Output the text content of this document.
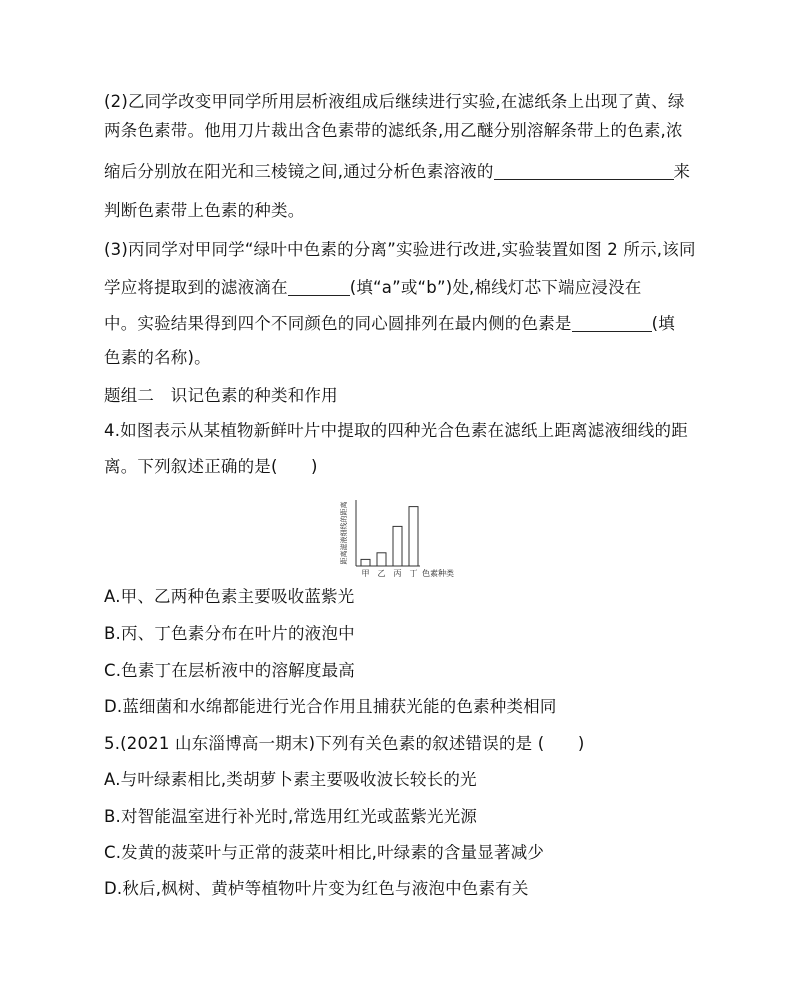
(2)乙同学改变甲同学所用层析液组成后继续进行实验,在滤纸条上出现了黄、绿
两条色素带。他用刀片裁出含色素带的滤纸条,用乙醚分别溶解条带上的色素,浓
缩后分别放在阳光和三棱镜之间,通过分析色素溶液的	来
判断色素带上色素的种类。
(3)丙同学对甲同学“绿叶中色素的分离”实验进行改进,实验装置如图 2 所示,该同
学应将提取到的滤液滴在	(填“a”或“b”)处,棉线灯芯下端应浸没在
中。实验结果得到四个不同颜色的同心圆排列在最内侧的色素是	(填
色素的名称)。
题组二　识记色素的种类和作用
4.如图表示从某植物新鲜叶片中提取的四种光合色素在滤纸上距离滤液细线的距
离。下列叙述正确的是(　　)
甲 乙 丙 丁 色素种类
距离滤液细线的距离
A.甲、乙两种色素主要吸收蓝紫光
B.丙、丁色素分布在叶片的液泡中
C.色素丁在层析液中的溶解度最高
D.蓝细菌和水绵都能进行光合作用且捕获光能的色素种类相同
5.(2021 山东淄博高一期末)下列有关色素的叙述错误的是 (　　)
A.与叶绿素相比,类胡萝卜素主要吸收波长较长的光
B.对智能温室进行补光时,常选用红光或蓝紫光光源
C.发黄的菠菜叶与正常的菠菜叶相比,叶绿素的含量显著减少
D.秋后,枫树、黄栌等植物叶片变为红色与液泡中色素有关
